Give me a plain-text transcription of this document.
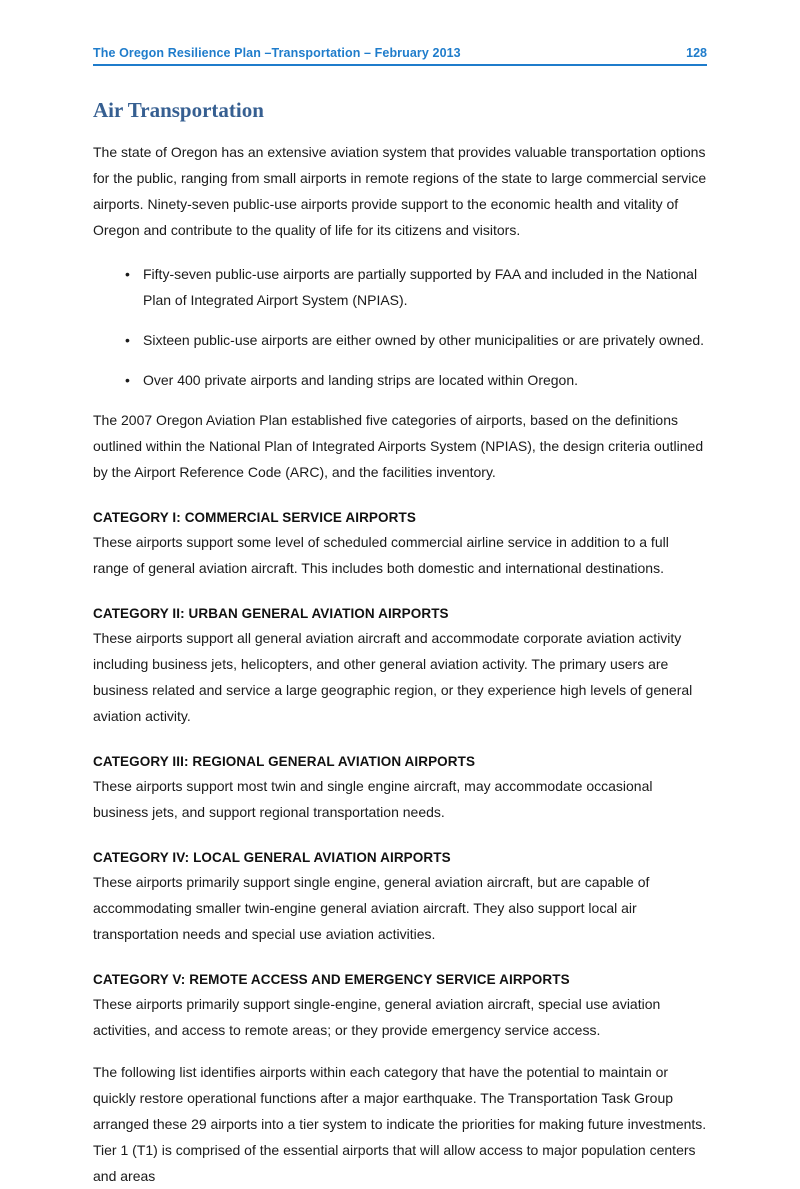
The Oregon Resilience Plan –Transportation – February 2013	128
Air Transportation

The state of Oregon has an extensive aviation system that provides valuable transportation options for the public, ranging from small airports in remote regions of the state to large commercial service airports. Ninety-seven public-use airports provide support to the economic health and vitality of Oregon and contribute to the quality of life for its citizens and visitors.

• Fifty-seven public-use airports are partially supported by FAA and included in the National Plan of Integrated Airport System (NPIAS).
• Sixteen public-use airports are either owned by other municipalities or are privately owned.
• Over 400 private airports and landing strips are located within Oregon.

The 2007 Oregon Aviation Plan established five categories of airports, based on the definitions outlined within the National Plan of Integrated Airports System (NPIAS), the design criteria outlined by the Airport Reference Code (ARC), and the facilities inventory.

CATEGORY I: COMMERCIAL SERVICE AIRPORTS

These airports support some level of scheduled commercial airline service in addition to a full range of general aviation aircraft. This includes both domestic and international destinations.

CATEGORY II: URBAN GENERAL AVIATION AIRPORTS

These airports support all general aviation aircraft and accommodate corporate aviation activity including business jets, helicopters, and other general aviation activity. The primary users are business related and service a large geographic region, or they experience high levels of general aviation activity.

CATEGORY III: REGIONAL GENERAL AVIATION AIRPORTS

These airports support most twin and single engine aircraft, may accommodate occasional business jets, and support regional transportation needs.

CATEGORY IV: LOCAL GENERAL AVIATION AIRPORTS

These airports primarily support single engine, general aviation aircraft, but are capable of accommodating smaller twin-engine general aviation aircraft. They also support local air transportation needs and special use aviation activities.

CATEGORY V: REMOTE ACCESS AND EMERGENCY SERVICE AIRPORTS

These airports primarily support single-engine, general aviation aircraft, special use aviation activities, and access to remote areas; or they provide emergency service access.

The following list identifies airports within each category that have the potential to maintain or quickly restore operational functions after a major earthquake. The Transportation Task Group arranged these 29 airports into a tier system to indicate the priorities for making future investments. Tier 1 (T1) is comprised of the essential airports that will allow access to major population centers and areas
